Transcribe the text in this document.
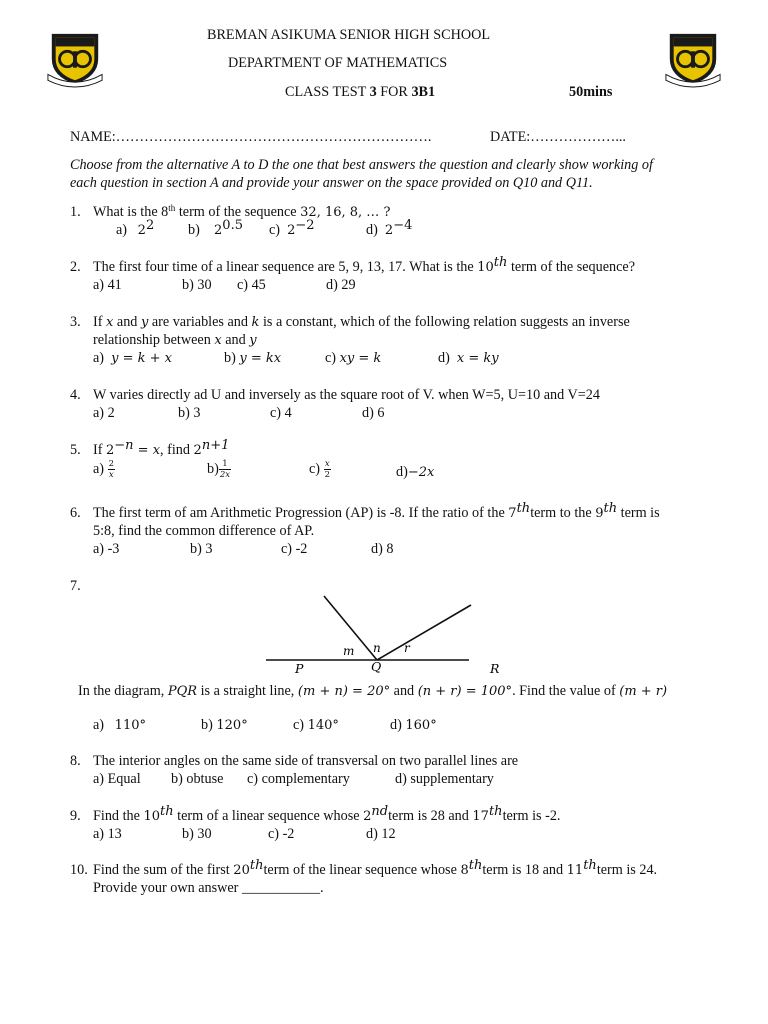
BREMAN ASIKUMA SENIOR HIGH SCHOOL
DEPARTMENT OF MATHEMATICS
CLASS TEST 3 FOR 3B1	50mins
NAME:………………………………………………………….	DATE:………………...
Choose from the alternative A to D the one that best answers the question and clearly show working of
each question in section A and provide your answer on the space provided on Q10 and Q11.
1. What is the 8th term of the sequence 32, 16, 8, … ?
a) $2^2$ b) $2^{0.5}$ c) $2^{-2}$	d) $2^{-4}$
2. The first four time of a linear sequence are 5, 9, 13, 17. What is the 10th term of the sequence?
a) 41	b) 30 c) 45	d) 29
3. If x and y are variables and k is a constant, which of the following relation suggests an inverse
relationship between x and y
a) y = k + x	b) y = kx	c) xy = k	d) x = ky
4. W varies directly ad U and inversely as the square root of V. when W=5, U=10 and V=24
a) 2	b) 3	c) 4	d) 6
5. If $2^{-n} = x$, find $2^{n+1}$
$a) \frac{2}{x}$	$b) \frac{1}{2x}$	$c) \frac{x}{2}$	d)−2x
6. The first term of am Arithmetic Progression (AP) is -8. If the ratio of the 7thterm to the 9th term is
5:8, find the common difference of AP.
a) -3	b) 3	c) -2	d) 8
7.
P	Q	R
m n r
In the diagram, PQR is a straight line, (m + n) = 20° and (n + r) = 100°. Find the value of (m + r)
a) 110°	b) 120°	c) 140°	d) 160°
8. The interior angles on the same side of transversal on two parallel lines are
a) Equal b) obtuse c) complementary	d) supplementary
9. Find the 10th term of a linear sequence whose 2ndterm is 28 and 17thterm is -2.
a) 13	b) 30	c) -2	d) 12
10. Find the sum of the first 20thterm of the linear sequence whose 8thterm is 18 and 11thterm is 24.
Provide your own answer ___________.
